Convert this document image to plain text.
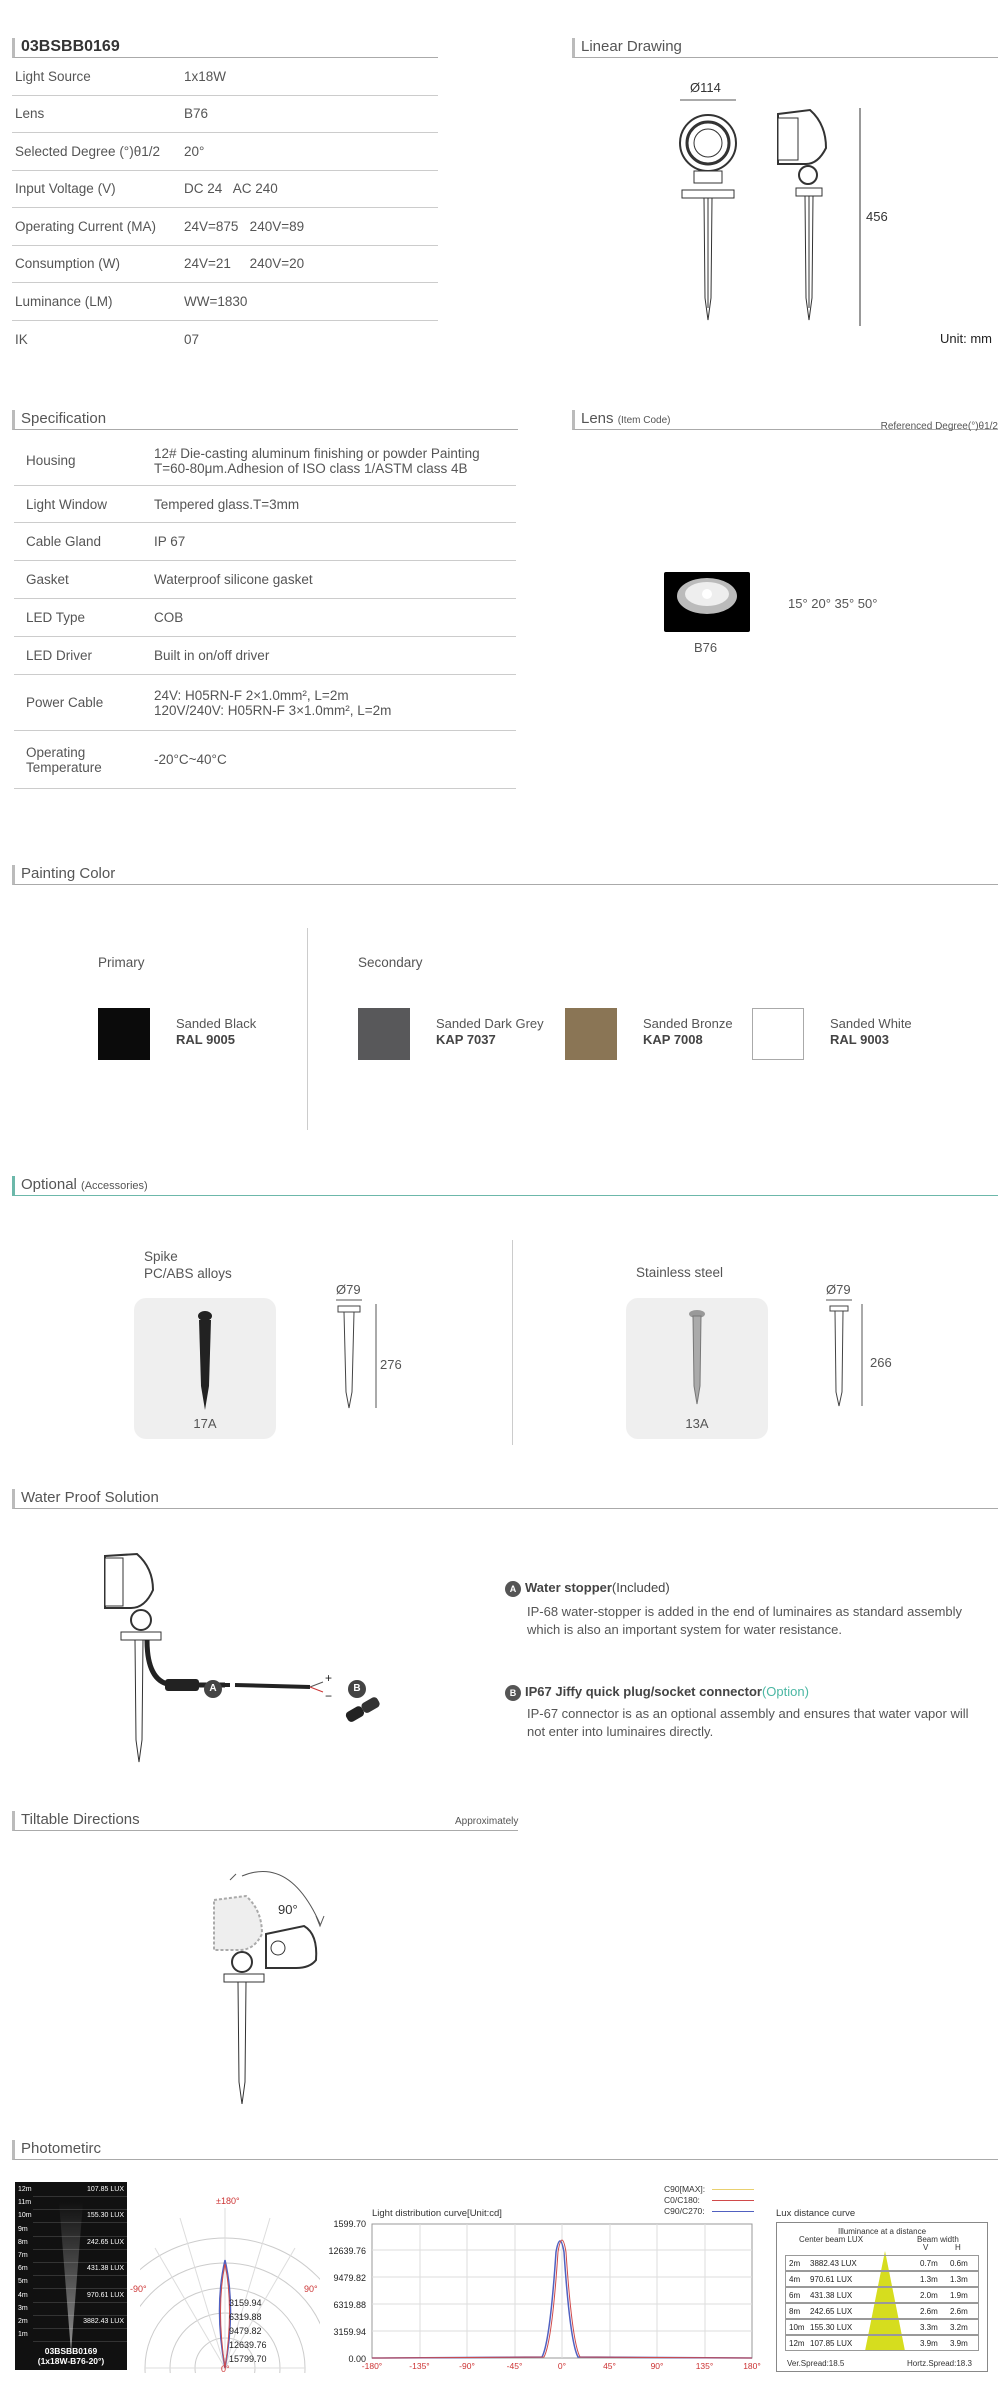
03BSBB0169
Light Source	1x18W
Lens	B76
Selected Degree (°)θ1/2	20°
Input Voltage (V)	DC 24   AC 240
Operating Current (MA)	24V=875   240V=89
Consumption (W)	24V=21     240V=20
Luminance (LM)	WW=1830
IK	07
Linear Drawing
Ø114
456
Unit: mm
Specification
Housing	12# Die-casting aluminum finishing or powder Painting T=60-80μm.Adhesion of ISO class 1/ASTM class 4B
Light Window	Tempered glass.T=3mm
Cable Gland	IP 67
Gasket	Waterproof silicone gasket
LED Type	COB
LED Driver	Built in on/off driver
Power Cable	24V: H05RN-F 2×1.0mm², L=2m
120V/240V: H05RN-F 3×1.0mm², L=2m
Operating
Temperature	-20°C~40°C
Lens (Item Code)
Referenced Degree(°)θ1/2
B76
15° 20° 35° 50°
Painting Color
Primary	Secondary
Sanded Black
RAL 9005
Sanded Dark Grey
KAP 7037
Sanded Bronze
KAP 7008
Sanded White
RAL 9003
Optional (Accessories)
Spike
PC/ABS alloys
17A
Ø79
276
Stainless steel
13A
Ø79
266
Water Proof Solution
+
−
A	B
A Water stopper(Included)
IP-68 water-stopper is added in the end of luminaires as standard assembly which is also an important system for water resistance.
B IP67 Jiffy quick plug/socket connector(Option)
IP-67 connector is as an optional assembly and ensures that water vapor will not enter into luminaires directly.
Tiltable Directions	Approximately
90°
Photometirc
12m	107.85 LUX
11m
10m	155.30 LUX
9m
8m	242.65 LUX
7m
6m	431.38 LUX
5m
4m	970.61 LUX
3m
2m	3882.43 LUX
1m
03BSBB0169
(1x18W-B76-20°)
±180°
-90°	90°
0°
3159.94
6319.88
9479.82
12639.76
15799.70
Light distribution curve[Unit:cd]
C90[MAX]:
C0/C180:
C90/C270:
1599.70
12639.76
9479.82
6319.88
3159.94
0.00
-180°	-135°	-90°	-45°	0°	45°	90°	135°	180°
Lux distance curve
Illuminance at a distance
Center beam LUX	Beam width
V	H
2m 3882.43 LUX	0.7m 0.6m
4m 970.61 LUX	1.3m 1.3m
6m 431.38 LUX	2.0m 1.9m
8m 242.65 LUX	2.6m 2.6m
10m 155.30 LUX	3.3m 3.2m
12m 107.85 LUX	3.9m 3.9m
Ver.Spread:18.5	Hortz.Spread:18.3
